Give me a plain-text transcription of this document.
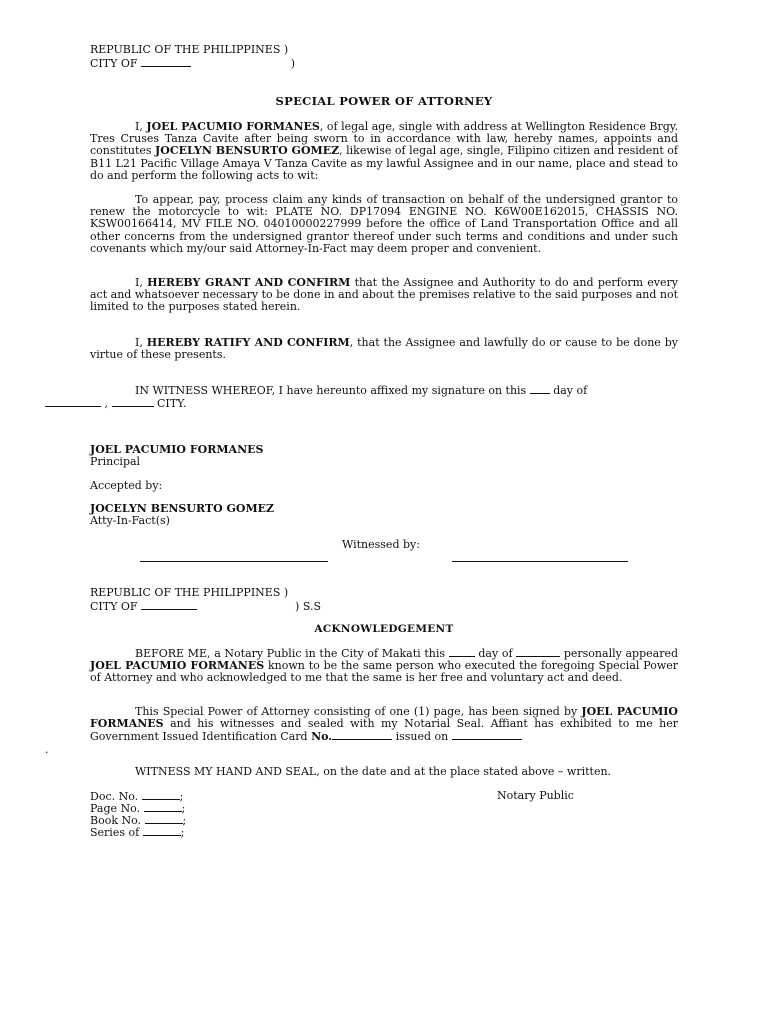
REPUBLIC OF THE PHILIPPINES )
CITY OF	)
SPECIAL POWER OF ATTORNEY
I, JOEL PACUMIO FORMANES, of legal age, single with address at Wellington Residence Brgy. Tres Cruses Tanza Cavite after being sworn to in accordance with law, hereby names, appoints and constitutes JOCELYN BENSURTO GOMEZ, likewise of legal age, single, Filipino citizen and resident of B11 L21 Pacific Village Amaya V Tanza Cavite as my lawful Assignee and in our name, place and stead to do and perform the following acts to wit:
To appear, pay, process claim any kinds of transaction on behalf of the undersigned grantor to renew the motorcycle to wit: PLATE NO. DP17094 ENGINE NO. K6W00E162015, CHASSIS NO. KSW00166414, MV FILE NO. 04010000227999 before the office of Land Transportation Office and all other concerns from the undersigned grantor thereof under such terms and conditions and under such covenants which my/our said Attorney-In-Fact may deem proper and convenient.
I, HEREBY GRANT AND CONFIRM that the Assignee and Authority to do and perform every act and whatsoever necessary to be done in and about the premises relative to the said purposes and not limited to the purposes stated herein.
I, HEREBY RATIFY AND CONFIRM, that the Assignee and lawfully do or cause to be done by virtue of these presents.
IN WITNESS WHEREOF, I have hereunto affixed my signature on this  day of
,	CITY.
JOEL PACUMIO FORMANES
Principal
Accepted by:
JOCELYN BENSURTO GOMEZ
Atty-In-Fact(s)
Witnessed by:
REPUBLIC OF THE PHILIPPINES )
CITY OF	) S.S
ACKNOWLEDGEMENT
BEFORE ME, a Notary Public in the City of Makati this  day of	personally appeared JOEL PACUMIO FORMANES known to be the same person who executed the foregoing Special Power of Attorney and who acknowledged to me that the same is her free and voluntary act and deed.
This Special Power of Attorney consisting of one (1) page, has been signed by JOEL PACUMIO FORMANES and his witnesses and sealed with my Notarial Seal. Affiant has exhibited to me her Government Issued Identification Card No.	issued on
.
WITNESS MY HAND AND SEAL, on the date and at the place stated above – written.
Doc. No.	;
Page No.	;
Book No.	;
Series of	;
Notary Public
